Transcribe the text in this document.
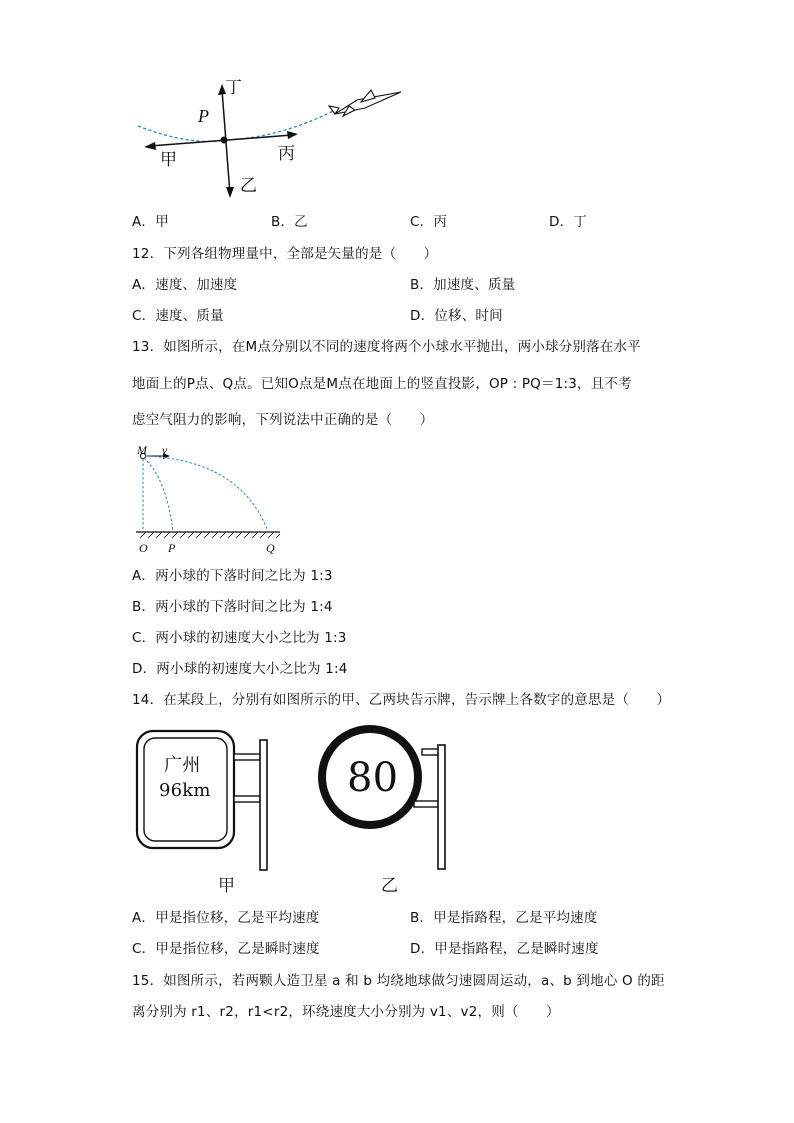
丁
P
甲	丙
乙
A．甲	B．乙	C．丙	D．丁
12．下列各组物理量中，全部是矢量的是（　　）
A．速度、加速度	B．加速度、质量
C．速度、质量	D．位移、时间
13．如图所示，在M点分别以不同的速度将两个小球水平抛出，两小球分别落在水平
地面上的P点、Q点。已知O点是M点在地面上的竖直投影，OP : PQ＝1:3，且不考
虑空气阻力的影响，下列说法中正确的是（　　）
M v
O P	Q
A．两小球的下落时间之比为 1:3
B．两小球的下落时间之比为 1:4
C．两小球的初速度大小之比为 1:3
D．两小球的初速度大小之比为 1:4
14．在某段上，分别有如图所示的甲、乙两块告示牌，告示牌上各数字的意思是（　　）
广州
96km
甲
80
乙
A．甲是指位移，乙是平均速度	B．甲是指路程，乙是平均速度
C．甲是指位移，乙是瞬时速度	D．甲是指路程，乙是瞬时速度
15．如图所示，若两颗人造卫星 a 和 b 均绕地球做匀速圆周运动，a、b 到地心 O 的距
离分别为 r1、r2，r1<r2，环绕速度大小分别为 v1、v2，则（　　）
